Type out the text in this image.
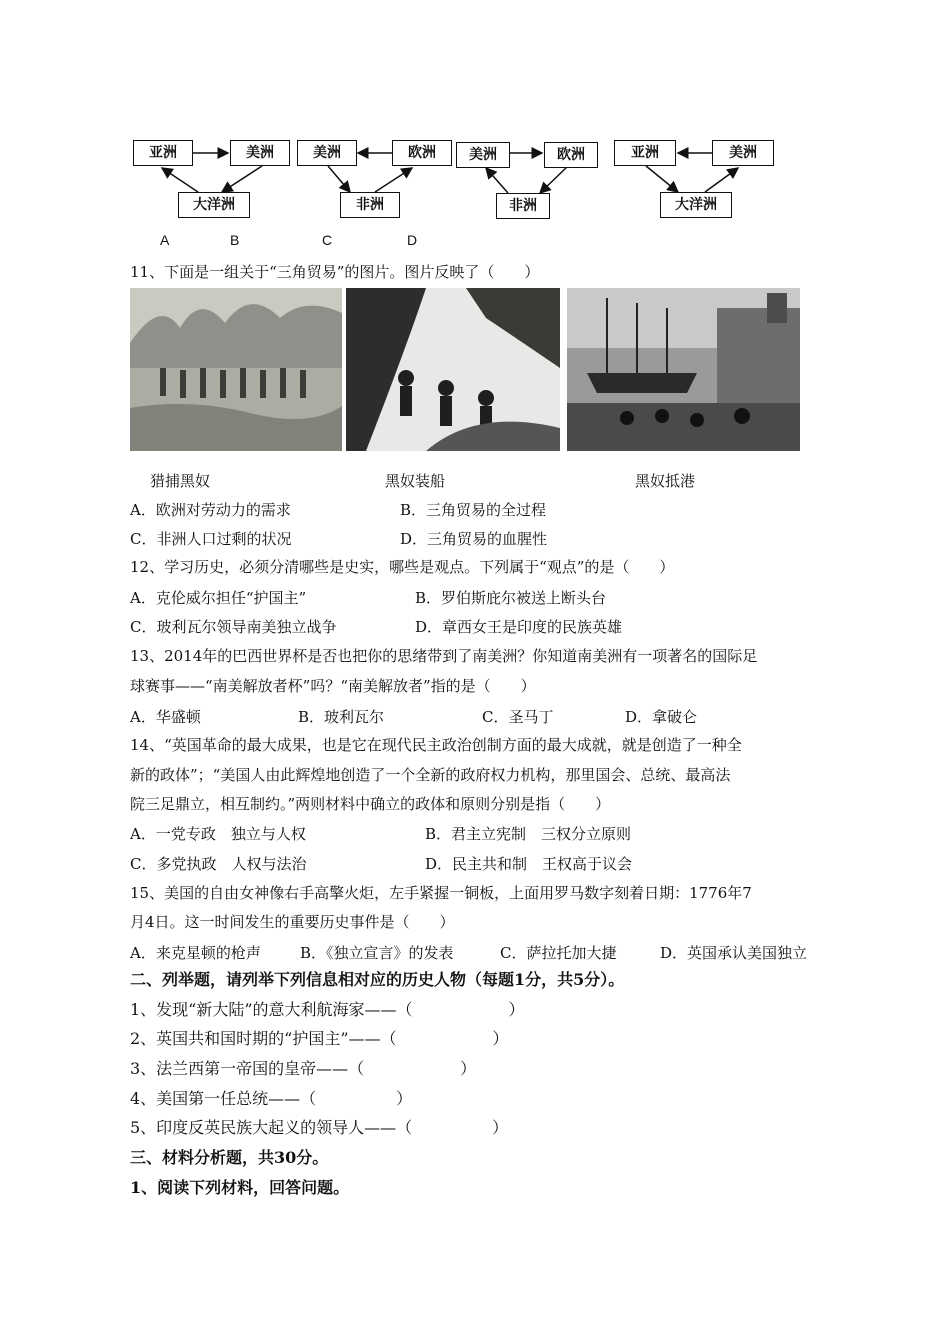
亚洲	美洲
大洋洲
美洲	欧洲
非洲
美洲	欧洲
非洲
亚洲	美洲
大洋洲
A	B	C	D
11、下面是一组关于“三角贸易”的图片。图片反映了（　　）
猎捕黑奴	黑奴装船	黑奴抵港
A．欧洲对劳动力的需求	B．三角贸易的全过程
C．非洲人口过剩的状况	D．三角贸易的血腥性
12、学习历史，必须分清哪些是史实，哪些是观点。下列属于“观点”的是（　　）
A．克伦威尔担任“护国主”	B．罗伯斯庇尔被送上断头台
C．玻利瓦尔领导南美独立战争	D．章西女王是印度的民族英雄
13、2014年的巴西世界杯是否也把你的思绪带到了南美洲？你知道南美洲有一项著名的国际足
球赛事——“南美解放者杯”吗？“南美解放者”指的是（　　）
A．华盛顿	B．玻利瓦尔	C．圣马丁	D．拿破仑
14、“英国革命的最大成果，也是它在现代民主政治创制方面的最大成就，就是创造了一种全
新的政体”；“美国人由此辉煌地创造了一个全新的政府权力机构，那里国会、总统、最高法
院三足鼎立，相互制约。”两则材料中确立的政体和原则分别是指（　　）
A．一党专政　独立与人权	B．君主立宪制　三权分立原则
C．多党执政　人权与法治	D．民主共和制　王权高于议会
15、美国的自由女神像右手高擎火炬，左手紧握一铜板，上面用罗马数字刻着日期：1776年7
月4日。这一时间发生的重要历史事件是（　　）
A．来克星顿的枪声	B．《独立宣言》的发表	C．萨拉托加大捷	D．英国承认美国独立
二、列举题，请列举下列信息相对应的历史人物（每题1分，共5分）。
1、发现“新大陆”的意大利航海家——（　　　　　　）
2、英国共和国时期的“护国主”——（　　　　　　）
3、法兰西第一帝国的皇帝——（　　　　　　）
4、美国第一任总统——（　　　　　）
5、印度反英民族大起义的领导人——（　　　　　）
三、材料分析题，共30分。
1、阅读下列材料，回答问题。
